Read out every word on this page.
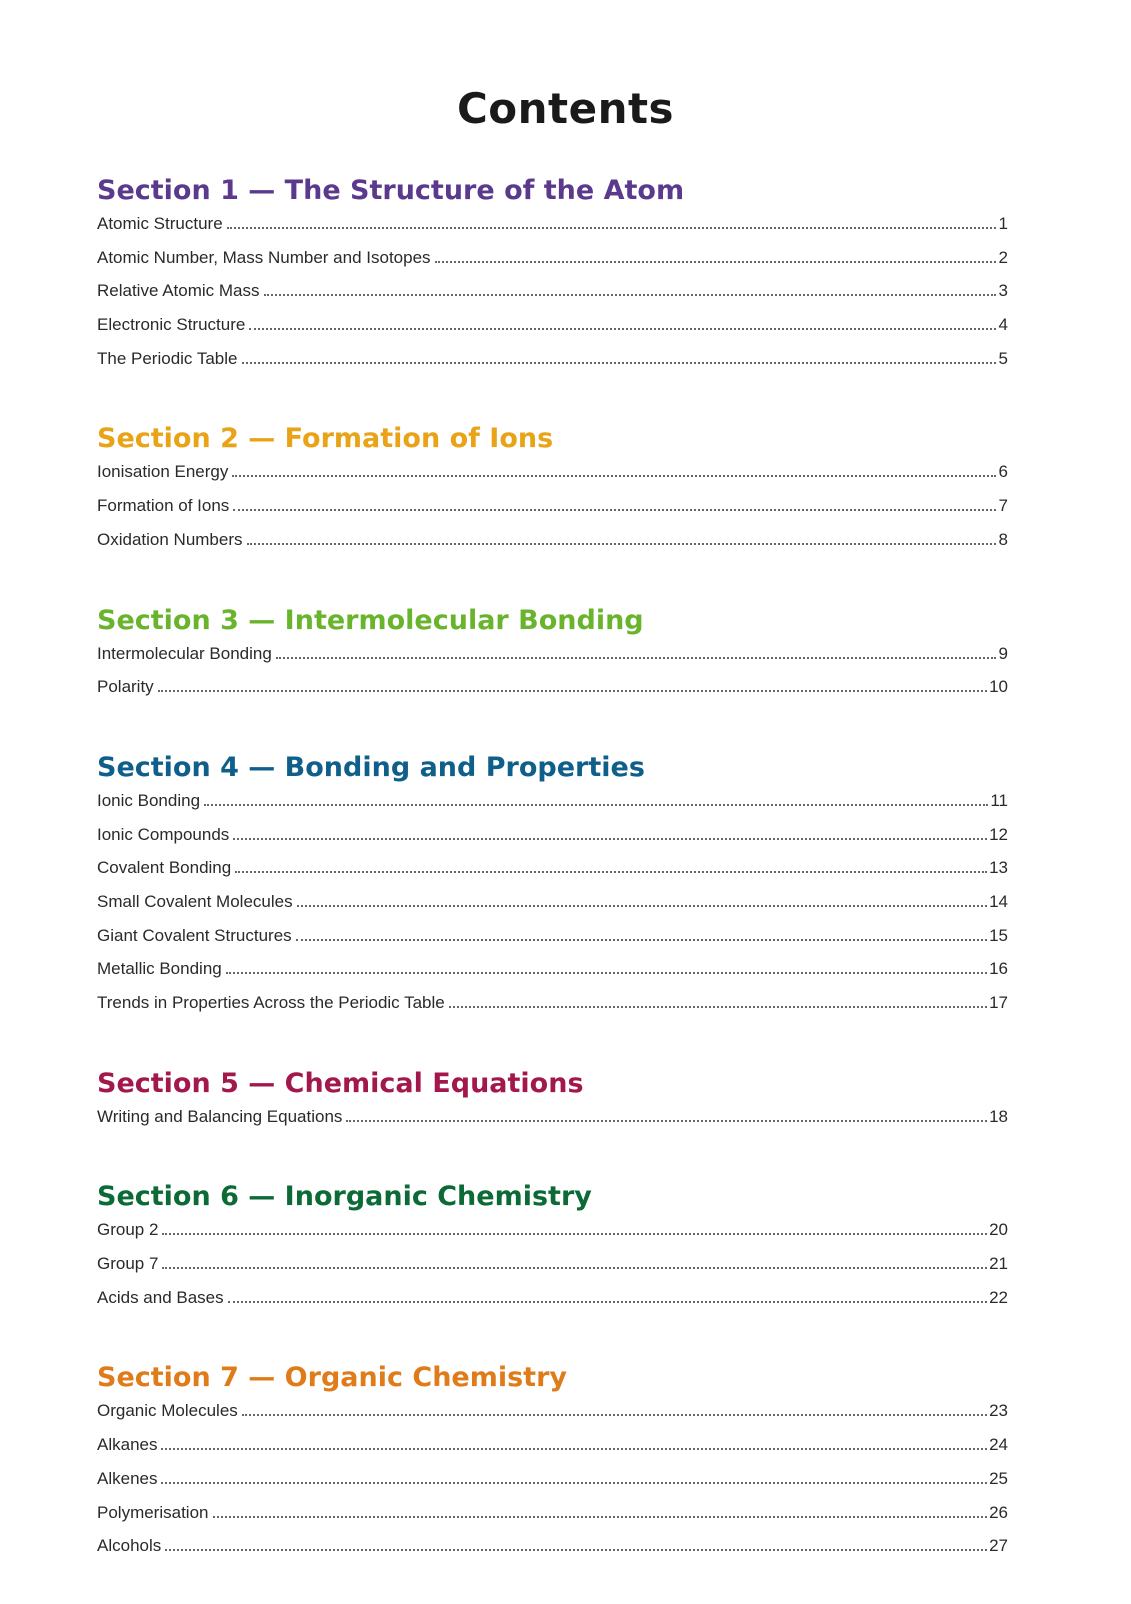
Contents
Section 1 — The Structure of the Atom
Atomic Structure	1
Atomic Number, Mass Number and Isotopes	2
Relative Atomic Mass	3
Electronic Structure	4
The Periodic Table	5
Section 2 — Formation of Ions
Ionisation Energy	6
Formation of Ions	7
Oxidation Numbers	8
Section 3 — Intermolecular Bonding
Intermolecular Bonding	9
Polarity	10
Section 4 — Bonding and Properties
Ionic Bonding	11
Ionic Compounds	12
Covalent Bonding	13
Small Covalent Molecules	14
Giant Covalent Structures	15
Metallic Bonding	16
Trends in Properties Across the Periodic Table	17
Section 5 — Chemical Equations
Writing and Balancing Equations	18
Section 6 — Inorganic Chemistry
Group 2	20
Group 7	21
Acids and Bases	22
Section 7 — Organic Chemistry
Organic Molecules	23
Alkanes	24
Alkenes	25
Polymerisation	26
Alcohols	27
